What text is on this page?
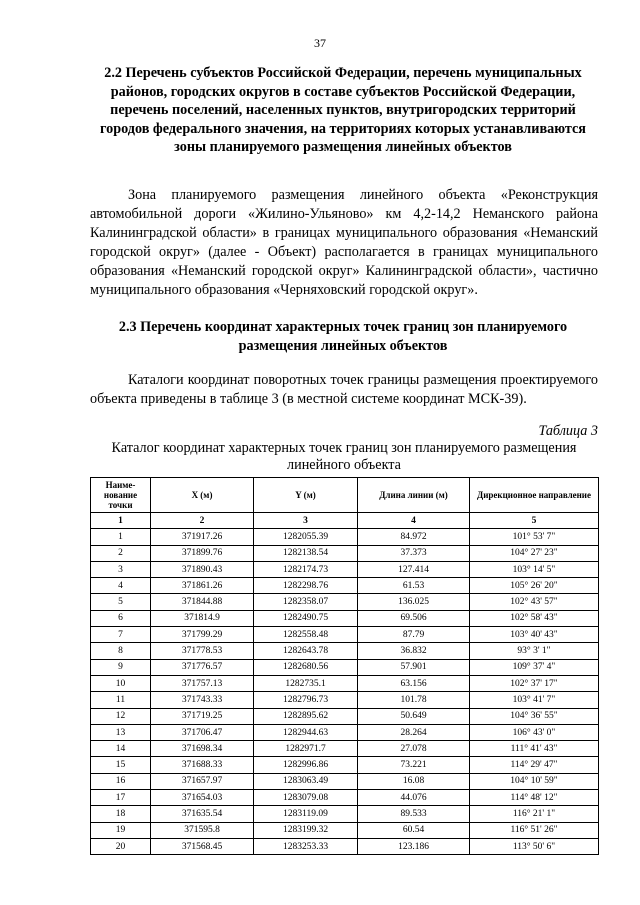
37
2.2 Перечень субъектов Российской Федерации, перечень муниципальных районов, городских округов в составе субъектов Российской Федерации, перечень поселений, населенных пунктов, внутригородских территорий городов федерального значения, на территориях которых устанавливаются зоны планируемого размещения линейных объектов
Зона планируемого размещения линейного объекта «Реконструкция автомобильной дороги «Жилино-Ульяново» км 4,2-14,2 Неманского района Калининградской области» в границах муниципального образования «Неманский городской округ» (далее - Объект) располагается в границах муниципального образования «Неманский городской округ» Калининградской области», частично муниципального образования «Черняховский городской округ».
2.3 Перечень координат характерных точек границ зон планируемого размещения линейных объектов
Каталоги координат поворотных точек границы размещения проектируемого объекта приведены в таблице 3 (в местной системе координат МСК-39).
Таблица 3
Каталог координат характерных точек границ зон планируемого размещения линейного объекта
Наиме-нование точки	X (м)	Y (м)	Длина линии (м)	Дирекционное направление
1	2	3	4	5
1	371917.26	1282055.39	84.972	101° 53' 7"
2	371899.76	1282138.54	37.373	104° 27' 23"
3	371890.43	1282174.73	127.414	103° 14' 5"
4	371861.26	1282298.76	61.53	105° 26' 20"
5	371844.88	1282358.07	136.025	102° 43' 57"
6	371814.9	1282490.75	69.506	102° 58' 43"
7	371799.29	1282558.48	87.79	103° 40' 43"
8	371778.53	1282643.78	36.832	93° 3' 1"
9	371776.57	1282680.56	57.901	109° 37' 4"
10	371757.13	1282735.1	63.156	102° 37' 17"
11	371743.33	1282796.73	101.78	103° 41' 7"
12	371719.25	1282895.62	50.649	104° 36' 55"
13	371706.47	1282944.63	28.264	106° 43' 0"
14	371698.34	1282971.7	27.078	111° 41' 43"
15	371688.33	1282996.86	73.221	114° 29' 47"
16	371657.97	1283063.49	16.08	104° 10' 59"
17	371654.03	1283079.08	44.076	114° 48' 12"
18	371635.54	1283119.09	89.533	116° 21' 1"
19	371595.8	1283199.32	60.54	116° 51' 26"
20	371568.45	1283253.33	123.186	113° 50' 6"
